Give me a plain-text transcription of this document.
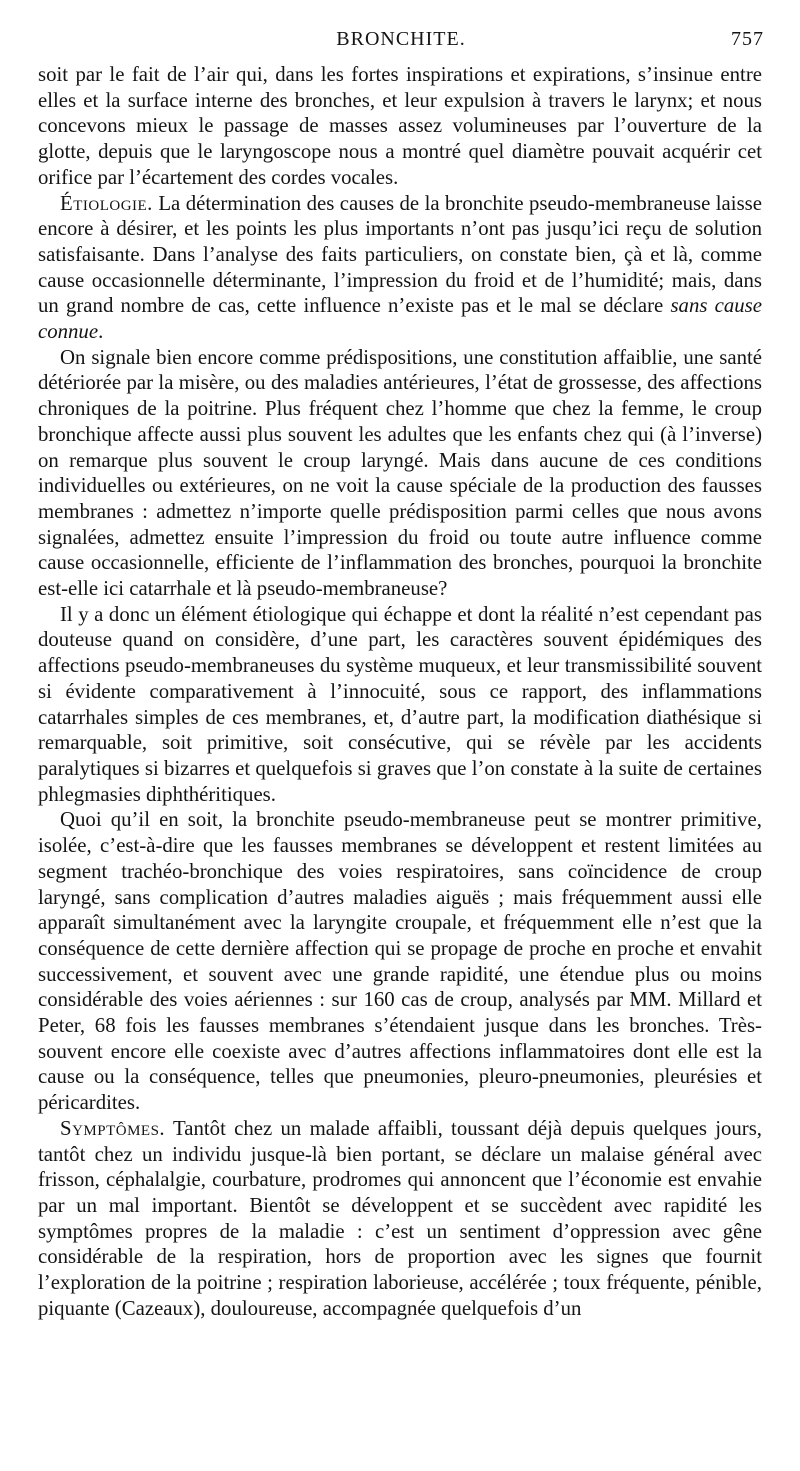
BRONCHITE.	757

soit par le fait de l’air qui, dans les fortes inspirations et expirations, s’insinue entre elles et la surface interne des bronches, et leur expulsion à travers le larynx; et nous concevons mieux le passage de masses assez volumineuses par l’ouverture de la glotte, depuis que le laryngoscope nous a montré quel diamètre pouvait acquérir cet orifice par l’écartement des cordes vocales.

Étiologie. La détermination des causes de la bronchite pseudo-membraneuse laisse encore à désirer, et les points les plus importants n’ont pas jusqu’ici reçu de solution satisfaisante. Dans l’analyse des faits particuliers, on constate bien, çà et là, comme cause occasionnelle déterminante, l’impression du froid et de l’humidité; mais, dans un grand nombre de cas, cette influence n’existe pas et le mal se déclare sans cause connue.

On signale bien encore comme prédispositions, une constitution affaiblie, une santé détériorée par la misère, ou des maladies antérieures, l’état de grossesse, des affections chroniques de la poitrine. Plus fréquent chez l’homme que chez la femme, le croup bronchique affecte aussi plus souvent les adultes que les enfants chez qui (à l’inverse) on remarque plus souvent le croup laryngé. Mais dans aucune de ces conditions individuelles ou extérieures, on ne voit la cause spéciale de la production des fausses membranes : admettez n’importe quelle prédisposition parmi celles que nous avons signalées, admettez ensuite l’impression du froid ou toute autre influence comme cause occasionnelle, efficiente de l’inflammation des bronches, pourquoi la bronchite est-elle ici catarrhale et là pseudo-membraneuse?

Il y a donc un élément étiologique qui échappe et dont la réalité n’est cependant pas douteuse quand on considère, d’une part, les caractères souvent épidémiques des affections pseudo-membraneuses du système muqueux, et leur transmissibilité souvent si évidente comparativement à l’innocuité, sous ce rapport, des inflammations catarrhales simples de ces membranes, et, d’autre part, la modification diathésique si remarquable, soit primitive, soit consécutive, qui se révèle par les accidents paralytiques si bizarres et quelquefois si graves que l’on constate à la suite de certaines phlegmasies diphthéritiques.

Quoi qu’il en soit, la bronchite pseudo-membraneuse peut se montrer primitive, isolée, c’est-à-dire que les fausses membranes se développent et restent limitées au segment trachéo-bronchique des voies respiratoires, sans coïncidence de croup laryngé, sans complication d’autres maladies aiguës ; mais fréquemment aussi elle apparaît simultanément avec la laryngite croupale, et fréquemment elle n’est que la conséquence de cette dernière affection qui se propage de proche en proche et envahit successivement, et souvent avec une grande rapidité, une étendue plus ou moins considérable des voies aériennes : sur 160 cas de croup, analysés par MM. Millard et Peter, 68 fois les fausses membranes s’étendaient jusque dans les bronches. Très-souvent encore elle coexiste avec d’autres affections inflammatoires dont elle est la cause ou la conséquence, telles que pneumonies, pleuro-pneumonies, pleurésies et péricardites.

Symptômes. Tantôt chez un malade affaibli, toussant déjà depuis quelques jours, tantôt chez un individu jusque-là bien portant, se déclare un malaise général avec frisson, céphalalgie, courbature, prodromes qui annoncent que l’économie est envahie par un mal important. Bientôt se développent et se succèdent avec rapidité les symptômes propres de la maladie : c’est un sentiment d’oppression avec gêne considérable de la respiration, hors de proportion avec les signes que fournit l’exploration de la poitrine ; respiration laborieuse, accélérée ; toux fréquente, pénible, piquante (Cazeaux), douloureuse, accompagnée quelquefois d’un
